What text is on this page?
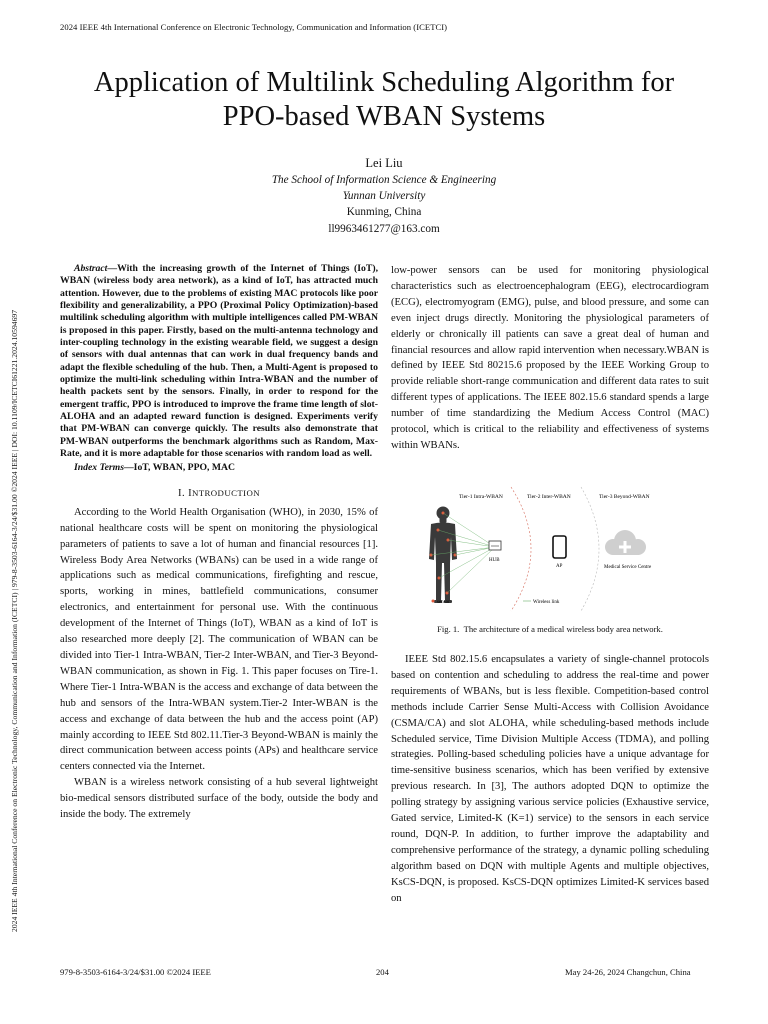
2024 IEEE 4th International Conference on Electronic Technology, Communication and Information (ICETCI)
2024 IEEE 4th International Conference on Electronic Technology, Communication and Information (ICETCI) | 979-8-3503-6164-3/24/$31.00 ©2024 IEEE | DOI: 10.1109/ICETCI61221.2024.10594697
Application of Multilink Scheduling Algorithm for
PPO-based WBAN Systems
Lei Liu
The School of Information Science & Engineering
Yunnan University
Kunming, China
ll9963461277@163.com

Abstract—With the increasing growth of the Internet of Things (IoT), WBAN (wireless body area network), as a kind of IoT, has attracted much attention. However, due to the problems of existing MAC protocols like poor flexibility and generalizability, a PPO (Proximal Policy Optimization)-based multilink scheduling algorithm with multiple intelligences called PM-WBAN is proposed in this paper. Firstly, based on the multi-antenna technology and inter-coupling technology in the existing wearable field, we suggest a design of sensors with dual antennas that can work in dual frequency bands and adapt the flexible scheduling of the hub. Then, a Multi-Agent is proposed to optimize the multi-link scheduling within Intra-WBAN and the number of health packets sent by the sensors. Finally, in order to respond for the emergent traffic, PPO is introduced to improve the frame time length of slot-ALOHA and an adapted reward function is designed. Experiments verify that PM-WBAN can converge quickly. The results also demonstrate that PM-WBAN outperforms the benchmark algorithms such as Random, Max-Rate, and it is more adaptable for those scenarios with random load as well.

Index Terms—IoT, WBAN, PPO, MAC

I. INTRODUCTION

According to the World Health Organisation (WHO), in 2030, 15% of national healthcare costs will be spent on monitoring the physiological parameters of patients to save a lot of human and financial resources [1]. Wireless Body Area Networks (WBANs) can be used in a wide range of applications such as medical communications, firefighting and rescue, sports, working in mines, battlefield communications, consumer electronics, and entertainment for personal use. With the continuous development of the Internet of Things (IoT), WBAN as a kind of IoT is also researched more deeply [2]. The communication of WBAN can be divided into Tier-1 Intra-WBAN, Tier-2 Inter-WBAN, and Tier-3 Beyond-WBAN communication, as shown in Fig. 1. This paper focuses on Tire-1. Where Tier-1 Intra-WBAN is the access and exchange of data between the hub and sensors of the Intra-WBAN system.Tier-2 Inter-WBAN is the access and exchange of data between the hub and the access point (AP) mainly according to IEEE Std 802.11.Tier-3 Beyond-WBAN is mainly the direct communication between access points (APs) and healthcare service centers connected via the Internet.

WBAN is a wireless network consisting of a hub several lightweight bio-medical sensors distributed surface of the body, outside the body and inside the body. The extremely

low-power sensors can be used for monitoring physiological characteristics such as electroencephalogram (EEG), electrocardiogram (ECG), electromyogram (EMG), pulse, and blood pressure, and some can even inject drugs directly. Monitoring the physiological parameters of elderly or chronically ill patients can save a great deal of human and financial resources and allow rapid intervention when necessary.WBAN is defined by IEEE Std 80215.6 proposed by the IEEE Working Group to provide reliable short-range communication and different data rates to suit different types of applications. The IEEE 802.15.6 standard spends a large number of time standardizing the Medium Access Control (MAC) protocol, which is critical to the reliability and effectiveness of systems within WBANs.

Tier-1 Intra-WBAN	Tier-2 Inter-WBAN	Tier-3 Beyond-WBAN
HUB
AP	Medical Service Centre
sensor	Wireless link
Fig. 1. The architecture of a medical wireless body area network.

IEEE Std 802.15.6 encapsulates a variety of single-channel protocols based on contention and scheduling to address the real-time and power requirements of WBANs, but is less flexible. Competition-based control methods include Carrier Sense Multi-Access with Collision Avoidance (CSMA/CA) and slot ALOHA, while scheduling-based methods include Scheduled service, Time Division Multiple Access (TDMA), and polling strategies. Polling-based scheduling policies have a unique advantage for time-sensitive business scenarios, which has been verified by extensive previous research. In [3], The authors adopted DQN to optimize the polling strategy by assigning various service policies (Exhaustive service, Gated service, Limited-K (K=1) service) to the sensors in each service round, DQN-P. In addition, to further improve the adaptability and comprehensive performance of the strategy, a dynamic polling scheduling algorithm based on DQN with multiple Agents and multiple objectives, KsCS-DQN, is proposed. KsCS-DQN optimizes Limited-K services based on

979-8-3503-6164-3/24/$31.00 ©2024 IEEE	204	May 24-26, 2024 Changchun, China
